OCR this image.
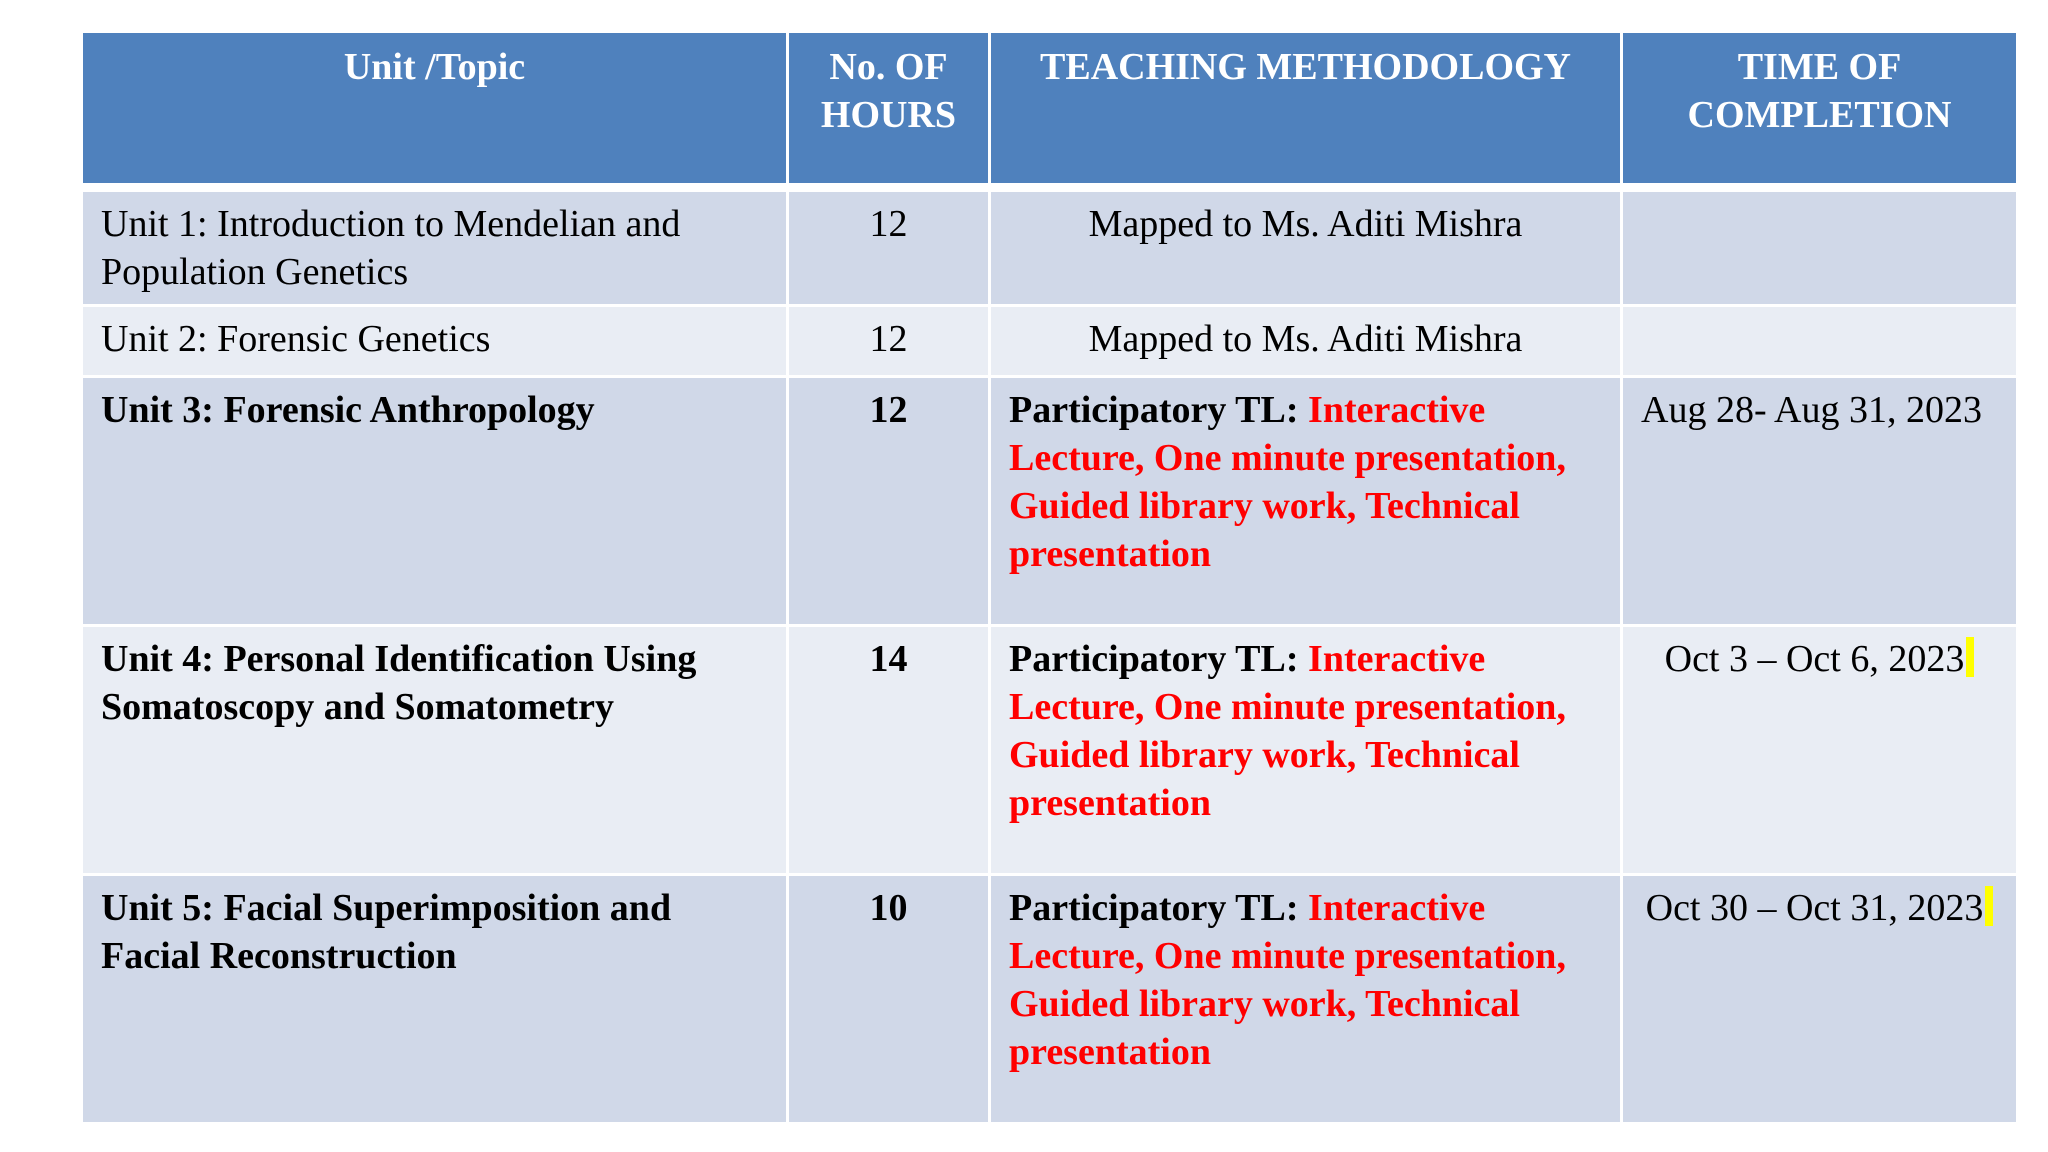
Unit /Topic	No. OF HOURS	TEACHING METHODOLOGY	TIME OF COMPLETION
Unit 1: Introduction to Mendelian and Population Genetics	12	Mapped to Ms. Aditi Mishra	
Unit 2: Forensic Genetics	12	Mapped to Ms. Aditi Mishra	
Unit 3: Forensic Anthropology	12	Participatory TL: Interactive Lecture, One minute presentation, Guided library work, Technical presentation	Aug 28- Aug 31, 2023
Unit 4: Personal Identification Using Somatoscopy and Somatometry	14	Participatory TL: Interactive Lecture, One minute presentation, Guided library work, Technical presentation	Oct 3 – Oct 6, 2023
Unit 5: Facial Superimposition and Facial Reconstruction	10	Participatory TL: Interactive Lecture, One minute presentation, Guided library work, Technical presentation	Oct 30 – Oct 31, 2023
